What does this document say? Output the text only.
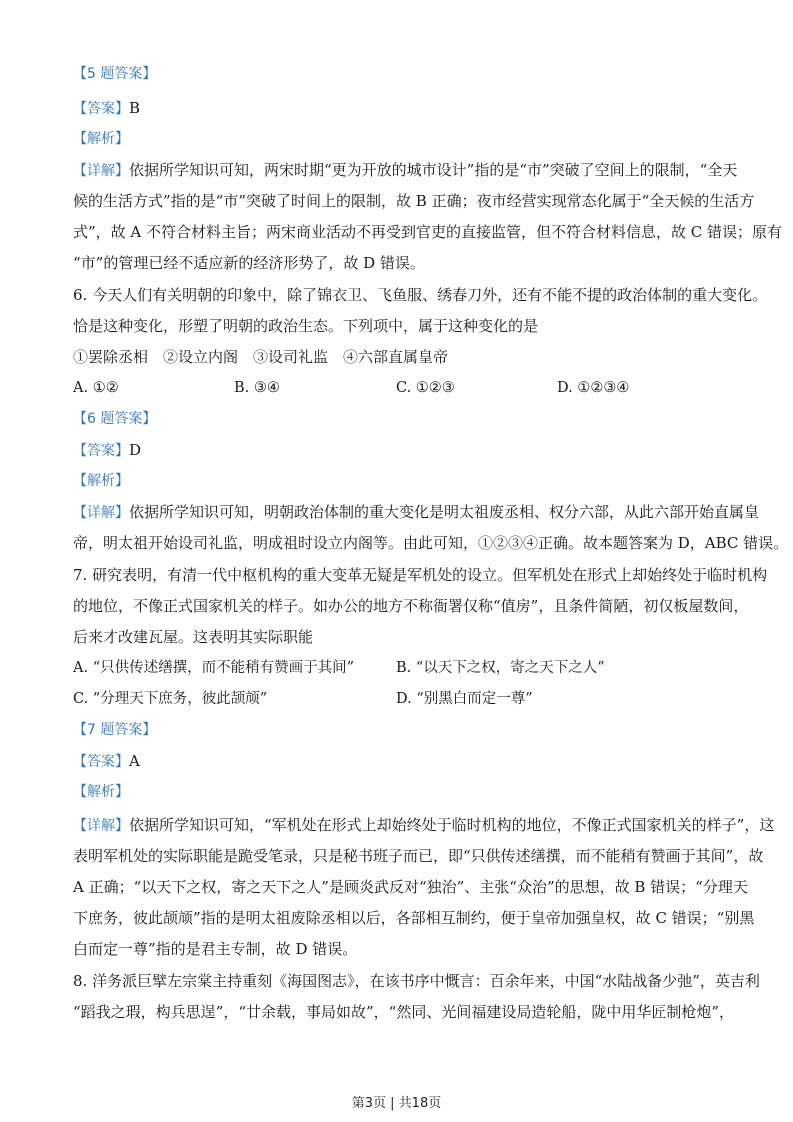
【5 题答案】
【答案】B
【解析】
【详解】依据所学知识可知，两宋时期“更为开放的城市设计”指的是“市”突破了空间上的限制，“全天
候的生活方式”指的是“市”突破了时间上的限制，故 B 正确；夜市经营实现常态化属于“全天候的生活方
式”，故 A 不符合材料主旨；两宋商业活动不再受到官吏的直接监管，但不符合材料信息，故 C 错误；原有
“市”的管理已经不适应新的经济形势了，故 D 错误。
6. 今天人们有关明朝的印象中，除了锦衣卫、飞鱼服、绣春刀外，还有不能不提的政治体制的重大变化。
恰是这种变化，形塑了明朝的政治生态。下列项中，属于这种变化的是
①罢除丞相　②设立内阁　③设司礼监　④六部直属皇帝
A. ①②	B. ③④	C. ①②③	D. ①②③④
【6 题答案】
【答案】D
【解析】
【详解】依据所学知识可知，明朝政治体制的重大变化是明太祖废丞相、权分六部，从此六部开始直属皇
帝，明太祖开始设司礼监，明成祖时设立内阁等。由此可知，①②③④正确。故本题答案为 D，ABC 错误。
7. 研究表明，有清一代中枢机构的重大变革无疑是军机处的设立。但军机处在形式上却始终处于临时机构
的地位，不像正式国家机关的样子。如办公的地方不称衙署仅称“值房”，且条件简陋，初仅板屋数间，
后来才改建瓦屋。这表明其实际职能
A. “只供传述缮撰，而不能稍有赞画于其间”	B. “以天下之权，寄之天下之人”
C. “分理天下庶务，彼此颉颃”	D. “别黑白而定一尊”
【7 题答案】
【答案】A
【解析】
【详解】依据所学知识可知，“军机处在形式上却始终处于临时机构的地位，不像正式国家机关的样子”，这
表明军机处的实际职能是跪受笔录，只是秘书班子而已，即“只供传述缮撰，而不能稍有赞画于其间”，故
A 正确；“以天下之权，寄之天下之人”是顾炎武反对“独治”、主张“众治”的思想，故 B 错误；“分理天
下庶务，彼此颉颃”指的是明太祖废除丞相以后，各部相互制约，便于皇帝加强皇权，故 C 错误；“别黑
白而定一尊”指的是君主专制，故 D 错误。
8. 洋务派巨擘左宗棠主持重刻《海国图志》，在该书序中慨言：百余年来，中国“水陆战备少弛”，英吉利
“蹈我之瑕，构兵思逞”，“廿余载，事局如故”，“然同、光间福建设局造轮船，陇中用华匠制枪炮”，
第3页 | 共18页
